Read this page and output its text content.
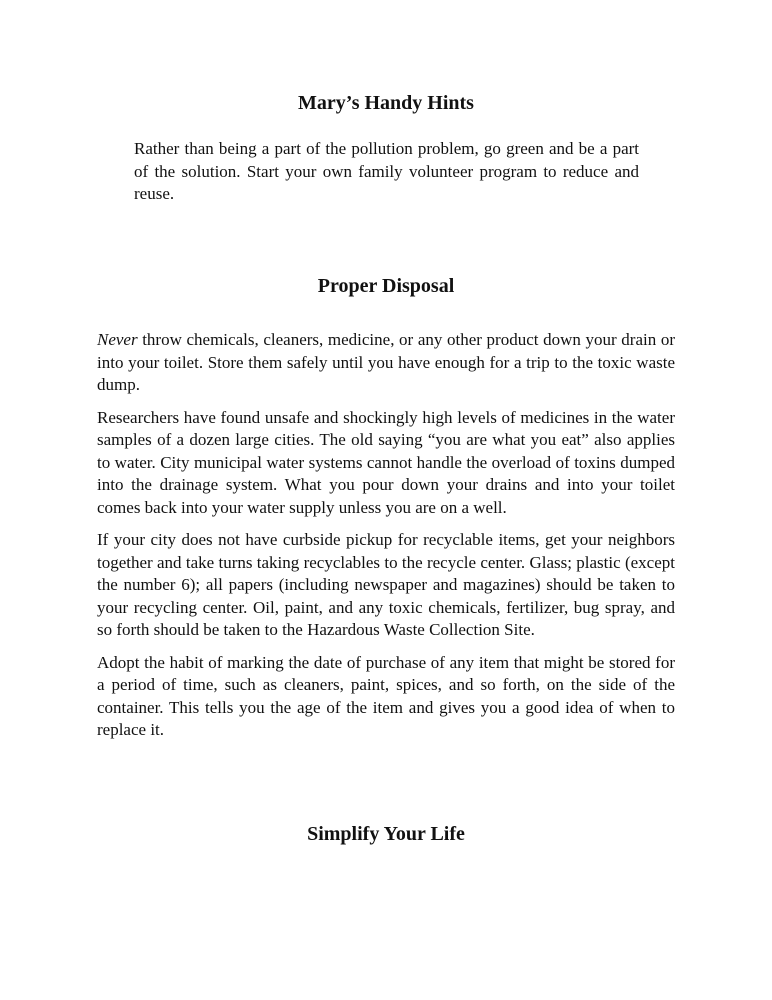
Mary’s Handy Hints

Rather than being a part of the pollution problem, go green and be a part of the solution. Start your own family volunteer program to reduce and reuse.

Proper Disposal

Never throw chemicals, cleaners, medicine, or any other product down your drain or into your toilet. Store them safely until you have enough for a trip to the toxic waste dump.

Researchers have found unsafe and shockingly high levels of medicines in the water samples of a dozen large cities. The old saying “you are what you eat” also applies to water. City municipal water systems cannot handle the overload of toxins dumped into the drainage system. What you pour down your drains and into your toilet comes back into your water supply unless you are on a well.

If your city does not have curbside pickup for recyclable items, get your neighbors together and take turns taking recyclables to the recycle center. Glass; plastic (except the number 6); all papers (including newspaper and magazines) should be taken to your recycling center. Oil, paint, and any toxic chemicals, fertilizer, bug spray, and so forth should be taken to the Hazardous Waste Collection Site.

Adopt the habit of marking the date of purchase of any item that might be stored for a period of time, such as cleaners, paint, spices, and so forth, on the side of the container. This tells you the age of the item and gives you a good idea of when to replace it.

Simplify Your Life
